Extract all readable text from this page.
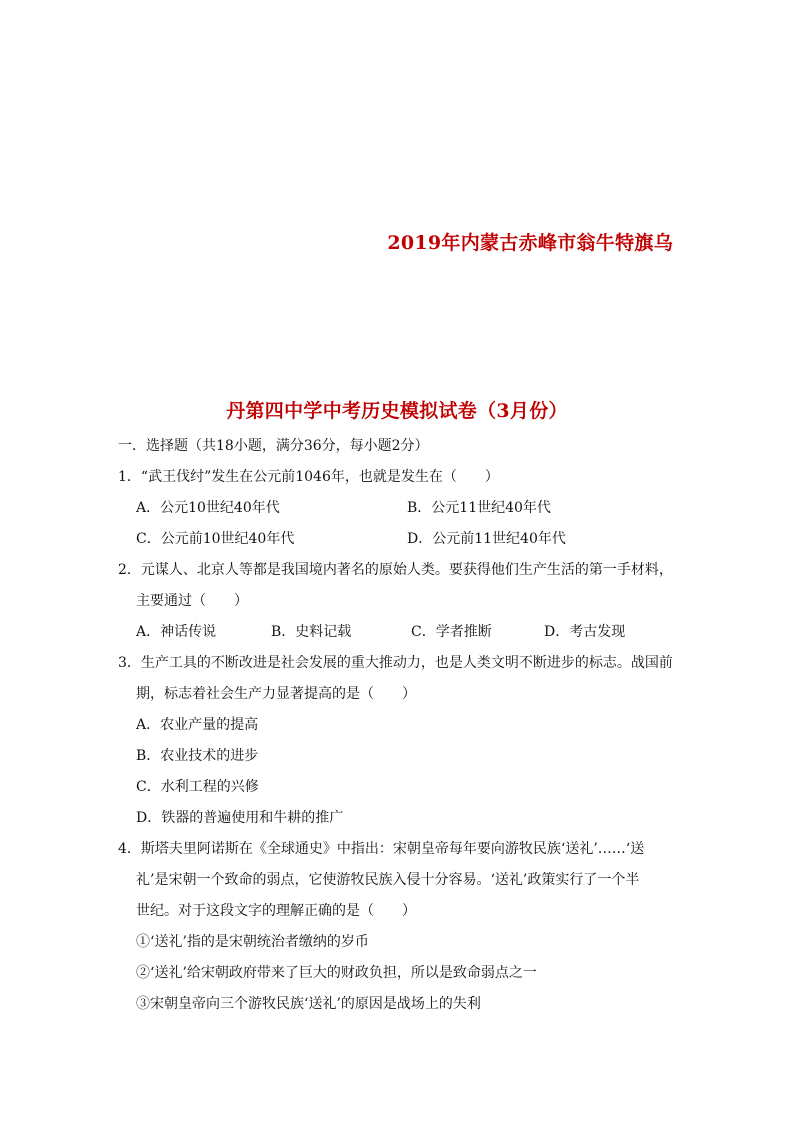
2019年内蒙古赤峰市翁牛特旗乌
丹第四中学中考历史模拟试卷（3月份）
一．选择题（共18小题，满分36分，每小题2分）
1．“武王伐纣”发生在公元前1046年，也就是发生在（　　）
A．公元10世纪40年代	B．公元11世纪40年代
C．公元前10世纪40年代	D．公元前11世纪40年代
2．元谋人、北京人等都是我国境内著名的原始人类。要获得他们生产生活的第一手材料，
主要通过（　　）
A．神话传说	B．史料记载	C．学者推断	D．考古发现
3．生产工具的不断改进是社会发展的重大推动力，也是人类文明不断进步的标志。战国前
期，标志着社会生产力显著提高的是（　　）
A．农业产量的提高
B．农业技术的进步
C．水利工程的兴修
D．铁器的普遍使用和牛耕的推广
4．斯塔夫里阿诺斯在《全球通史》中指出：宋朝皇帝每年要向游牧民族‘送礼’……‘送
礼’是宋朝一个致命的弱点，它使游牧民族入侵十分容易。‘送礼’政策实行了一个半
世纪。对于这段文字的理解正确的是（　　）
①‘送礼’指的是宋朝统治者缴纳的岁币
②‘送礼’给宋朝政府带来了巨大的财政负担，所以是致命弱点之一
③宋朝皇帝向三个游牧民族‘送礼’的原因是战场上的失利
